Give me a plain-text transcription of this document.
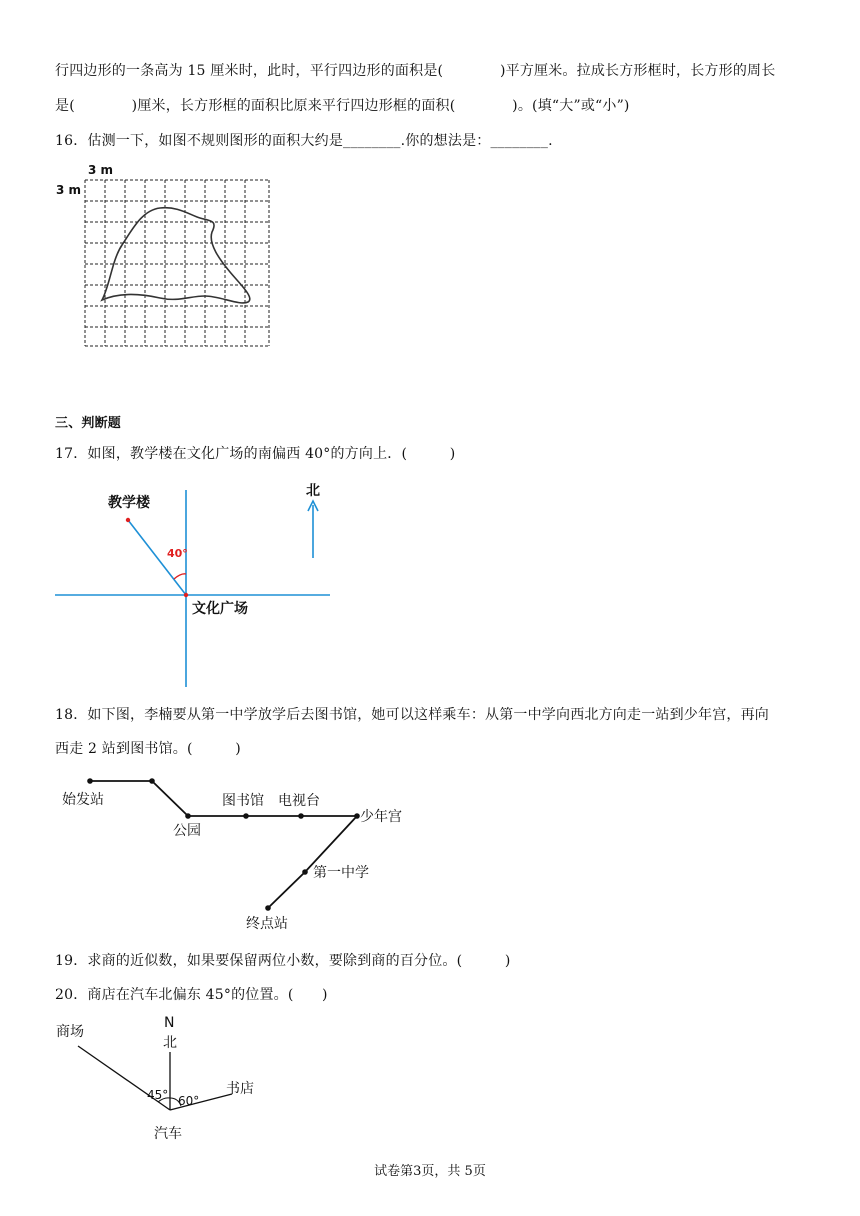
行四边形的一条高为 15 厘米时，此时，平行四边形的面积是(　　　　)平方厘米。拉成长方形框时，长方形的周长
是(　　　　)厘米，长方形框的面积比原来平行四边形框的面积(　　　　)。(填“大”或“小”)
16．估测一下，如图不规则图形的面积大约是________.你的想法是：________.
3 m
3 m
三、判断题
17．如图，教学楼在文化广场的南偏西 40°的方向上．(　　　)
40°
教学楼
文化广场
北
18．如下图，李楠要从第一中学放学后去图书馆，她可以这样乘车：从第一中学向西北方向走一站到少年宫，再向
西走 2 站到图书馆。(　　　)
始发站
公园
图书馆 电视台
少年宫
第一中学
终点站
19．求商的近似数，如果要保留两位小数，要除到商的百分位。(　　　)
20．商店在汽车北偏东 45°的位置。(　　)
商场
N
北
45° 60°
书店
汽车
试卷第3页，共 5页
